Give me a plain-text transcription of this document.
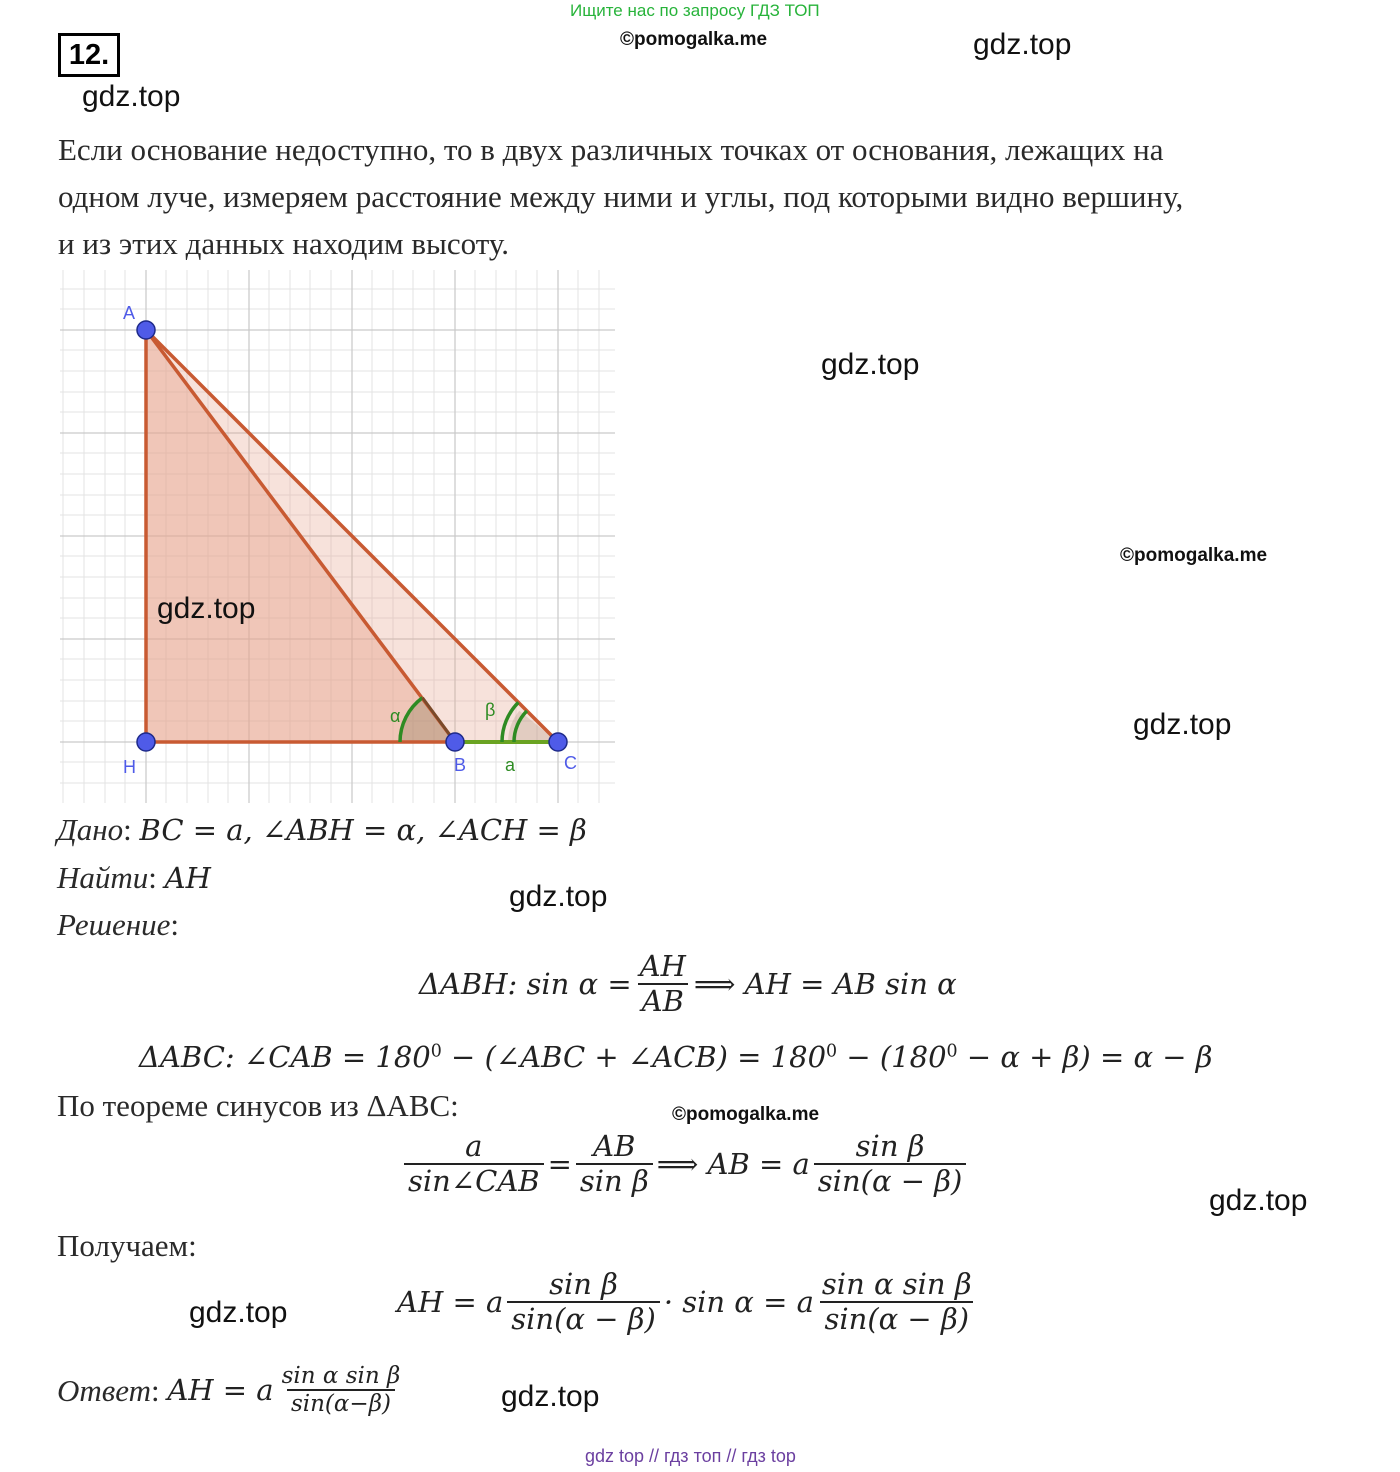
Ищите нас по запросу ГДЗ ТОП
©pomogalka.me	gdz.top
12.
gdz.top
Если основание недоступно, то в двух различных точках от основания, лежащих на
одном луче, измеряем расстояние между ними и углы, под которыми видно вершину,
и из этих данных находим высоту.
A
H	B	C
α	β
a
gdz.top
gdz.top
©pomogalka.me
gdz.top
Дано: BC = a, ∠ABH = α, ∠ACH = β
Найти: AH
gdz.top
Решение:
ΔABH: $\sin \alpha = \frac{AH}{AB}$ ⟹ AH = AB sin α
ΔABC: ∠CAB = $180^0$ − (∠ABC + ∠ACB) = $180^0 - (180^0 - \alpha + \beta) = \alpha - \beta$
По теореме синусов из ΔABC:	©pomogalka.me
$\frac{a}{\text{sin∠CAB}} = \frac{AB}{\text{sin β}}$ ⟹ AB = a $\frac{\text{sin β}}{\sin(\alpha - \beta)}$
gdz.top
Получаем:
gdz.top	AH = a $\frac{\text{sin β}}{\sin(\alpha - \beta)} \cdot \sin \alpha = a \frac{\text{sin α sin β}}{\sin(\alpha - \beta)}$
Ответ : AH = a $\frac{\text{sin α sin β}}{\sin(\alpha-\beta)}$	gdz.top
gdz top // гдз топ // гдз top
